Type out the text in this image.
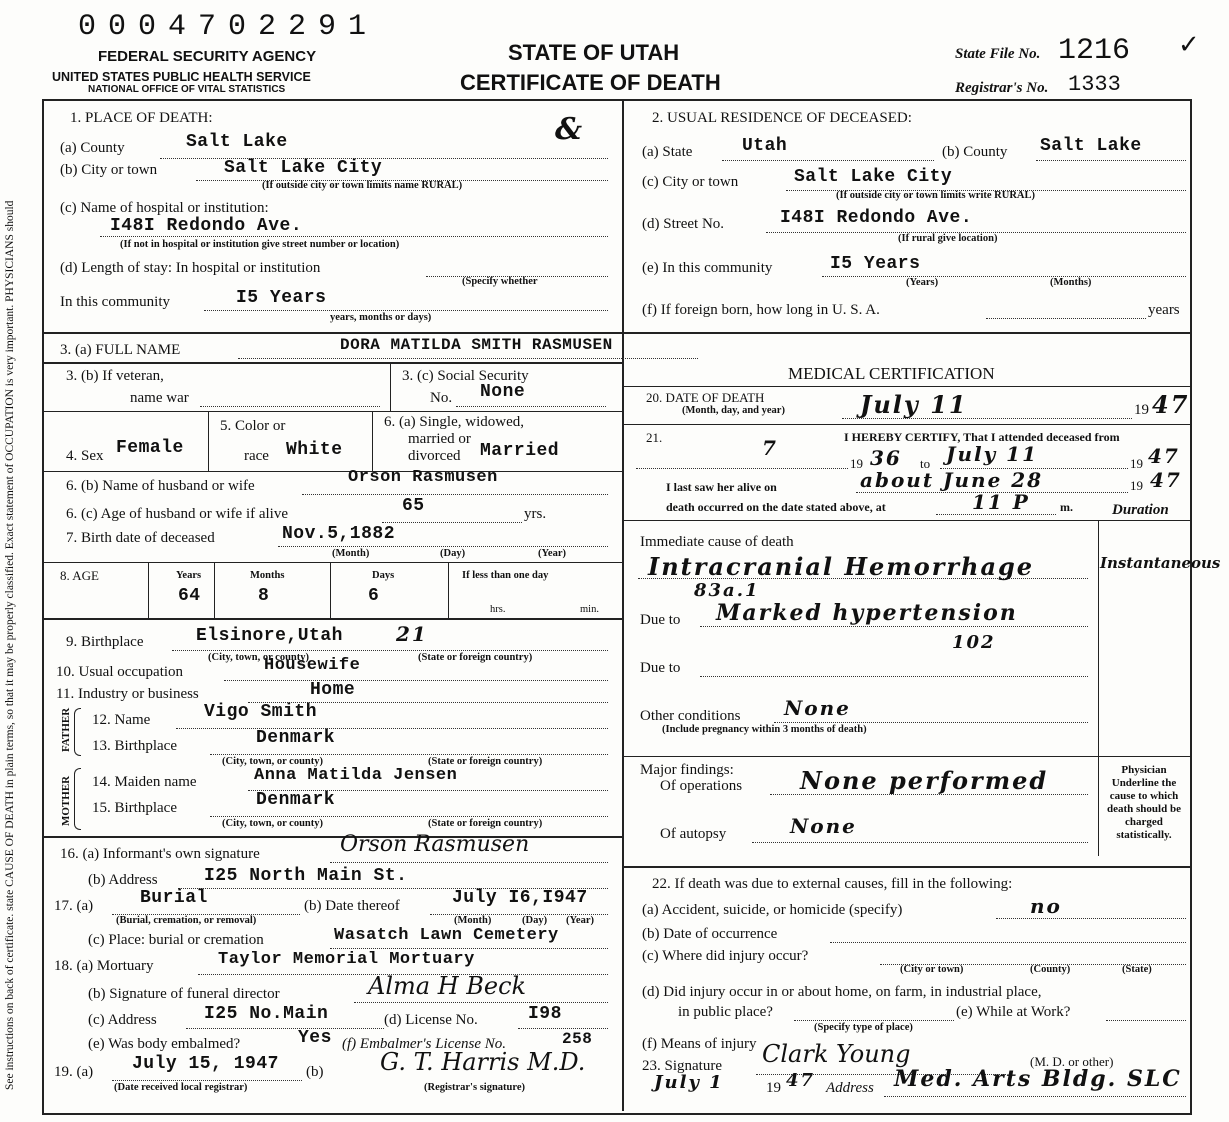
0004702291
FEDERAL SECURITY AGENCY
UNITED STATES PUBLIC HEALTH SERVICE
NATIONAL OFFICE OF VITAL STATISTICS
STATE OF UTAH
CERTIFICATE OF DEATH
State File No. 1216 ✓
Registrar's No. 1333
See instructions on back of certificate. state CAUSE OF DEATH in plain terms, so that it may be properly classified. Exact statement of OCCUPATION is very important. PHYSICIANS should
1. PLACE OF DEATH:	&
(a) County	Salt Lake
(b) City or town	Salt Lake City
(If outside city or town limits name RURAL)
(c) Name of hospital or institution:
I48I Redondo Ave.
(If not in hospital or institution give street number or location)
(d) Length of stay: In hospital or institution
(Specify whether
In this community	I5 Years
years, months or days)
2. USUAL RESIDENCE OF DECEASED:
(a) State	Utah	(b) County Salt Lake
(c) City or town	Salt Lake City
(If outside city or town limits write RURAL)
(d) Street No.	I48I Redondo Ave.
(If rural give location)
(e) In this community	I5 Years
(Years)	(Months)
(f) If foreign born, how long in U. S. A.	years
3. (a) FULL NAME	DORA MATILDA SMITH RASMUSEN
3. (b) If veteran,
name war
3. (c) Social Security
No. None
4. Sex Female
5. Color or
race White
6. (a) Single, widowed,
married or
divorced Married
6. (b) Name of husband or wife	Orson Rasmusen
6. (c) Age of husband or wife if alive	65	yrs.
7. Birth date of deceased	Nov.5,1882
(Month)	(Day)	(Year)
8. AGE	Years
64
Months
8
Days
6
If less than one day
hrs.	min.
9. Birthplace	Elsinore,Utah	21
(City, town, or county)	(State or foreign country)
10. Usual occupation	Housewife
11. Industry or business	Home
FATHER
MOTHER
12. Name	Vigo Smith
13. Birthplace	Denmark
(City, town, or county)	(State or foreign country)
14. Maiden name	Anna Matilda Jensen
15. Birthplace	Denmark
(City, town, or county)	(State or foreign country)
16. (a) Informant's own signature	Orson Rasmusen
(b) Address	I25 North Main St.
17. (a)	Burial
(Burial, cremation, or removal)
(b) Date thereof	July I6,I947
(Month)	(Day) (Year)
(c) Place: burial or cremation	Wasatch Lawn Cemetery
18. (a) Mortuary	Taylor Memorial Mortuary
(b) Signature of funeral director	Alma H Beck
(c) Address	I25 No.Main	(d) License No.	I98
(e) Was body embalmed?	Yes (f) Embalmer's License No.	258
19. (a) July 15, 1947 (b)
(Date received local registrar)	(Registrar's signature)
G. T. Harris M.D.
MEDICAL CERTIFICATION
20. DATE OF DEATH
(Month, day, and year)	July 11	19 47
21.	I HEREBY CERTIFY, That I attended deceased from
7
19 36 to July 11	19 47
I last saw her alive on	about June 28	19 47
death occurred on the date stated above, at	11 P	m.	Duration
Immediate cause of death
Intracranial Hemorrhage
83a.1
Instantaneous
Due to Marked hypertension
102
Due to
Other conditions None
(Include pregnancy within 3 months of death)
Major findings:
Of operations None performed
Of autopsy	None
Physician Underline the cause to which death should be charged statistically.
22. If death was due to external causes, fill in the following:
(a) Accident, suicide, or homicide (specify)	no
(b) Date of occurrence
(c) Where did injury occur?
(City or town)	(County)	(State)
(d) Did injury occur in or about home, on farm, in industrial place,
in public place?	(e) While at Work?
(Specify type of place)
(f) Means of injury
23. Signature Clark Young	(M. D. or other)
July 1	19 47 Address Med. Arts Bldg. SLC
